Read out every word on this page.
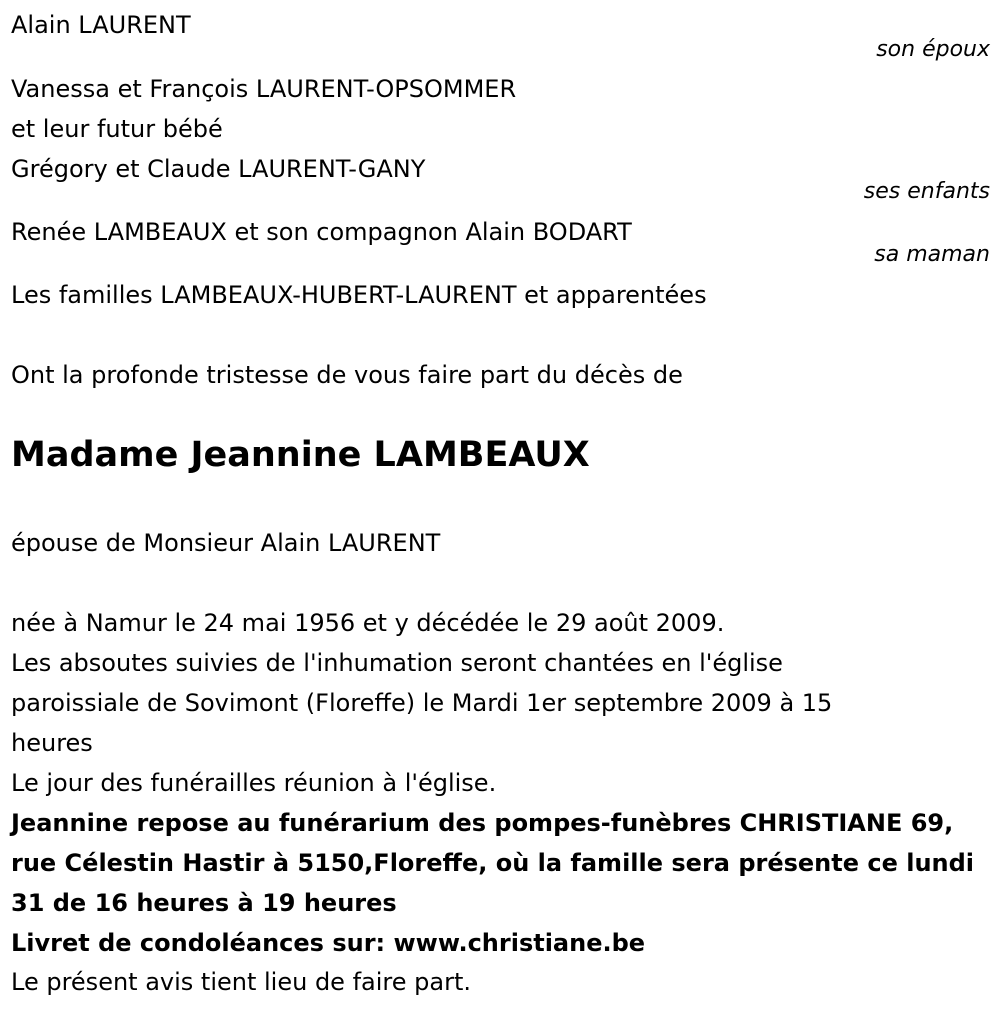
Alain LAURENT
son époux
Vanessa et François LAURENT-OPSOMMER
et leur futur bébé
Grégory et Claude LAURENT-GANY
ses enfants
Renée LAMBEAUX et son compagnon Alain BODART
sa maman
Les familles LAMBEAUX-HUBERT-LAURENT et apparentées
Ont la profonde tristesse de vous faire part du décès de
Madame Jeannine LAMBEAUX
épouse de Monsieur Alain LAURENT
née à Namur le 24 mai 1956 et y décédée le 29 août 2009.
Les absoutes suivies de l'inhumation seront chantées en l'église
paroissiale de Sovimont (Floreffe) le Mardi 1er septembre 2009 à 15
heures
Le jour des funérailles réunion à l'église.
Jeannine repose au funérarium des pompes-funèbres CHRISTIANE 69,
rue Célestin Hastir à 5150,Floreffe, où la famille sera présente ce lundi
31 de 16 heures à 19 heures
Livret de condoléances sur: www.christiane.be
Le présent avis tient lieu de faire part.
